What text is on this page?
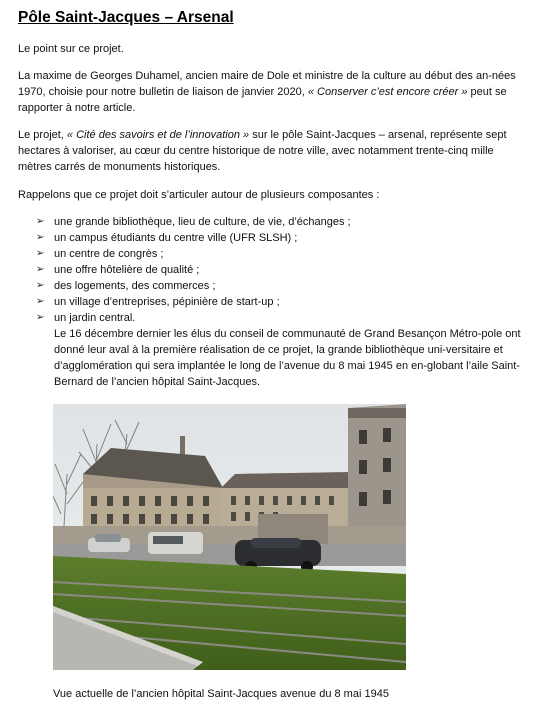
Pôle Saint-Jacques – Arsenal

Le point sur ce projet.

La maxime de Georges Duhamel, ancien maire de Dole et ministre de la culture au début des an-nées 1970, choisie pour notre bulletin de liaison de janvier 2020, « Conserver c’est encore créer » peut se rapporter à notre article.

Le projet, « Cité des savoirs et de l’innovation » sur le pôle Saint-Jacques – arsenal, représente sept hectares à valoriser, au cœur du centre historique de notre ville, avec notamment trente-cinq mille mètres carrés de monuments historiques.

Rappelons que ce projet doit s’articuler autour de plusieurs composantes :

➢ une grande bibliothèque, lieu de culture, de vie, d’échanges ;
➢ un campus étudiants du centre ville (UFR SLSH) ;
➢ un centre de congrès ;
➢ une offre hôtelière de qualité ;
➢ des logements, des commerces ;
➢ un village d’entreprises, pépinière de start-up ;
➢ un jardin central.

Le 16 décembre dernier les élus du conseil de communauté de Grand Besançon Métro-pole ont donné leur aval à la première réalisation de ce projet, la grande bibliothèque uni-versitaire et d’agglomération qui sera implantée le long de l’avenue du 8 mai 1945 en en-globant l’aile Saint-Bernard de l’ancien hôpital Saint-Jacques.

Vue actuelle de l’ancien hôpital Saint-Jacques avenue du 8 mai 1945
